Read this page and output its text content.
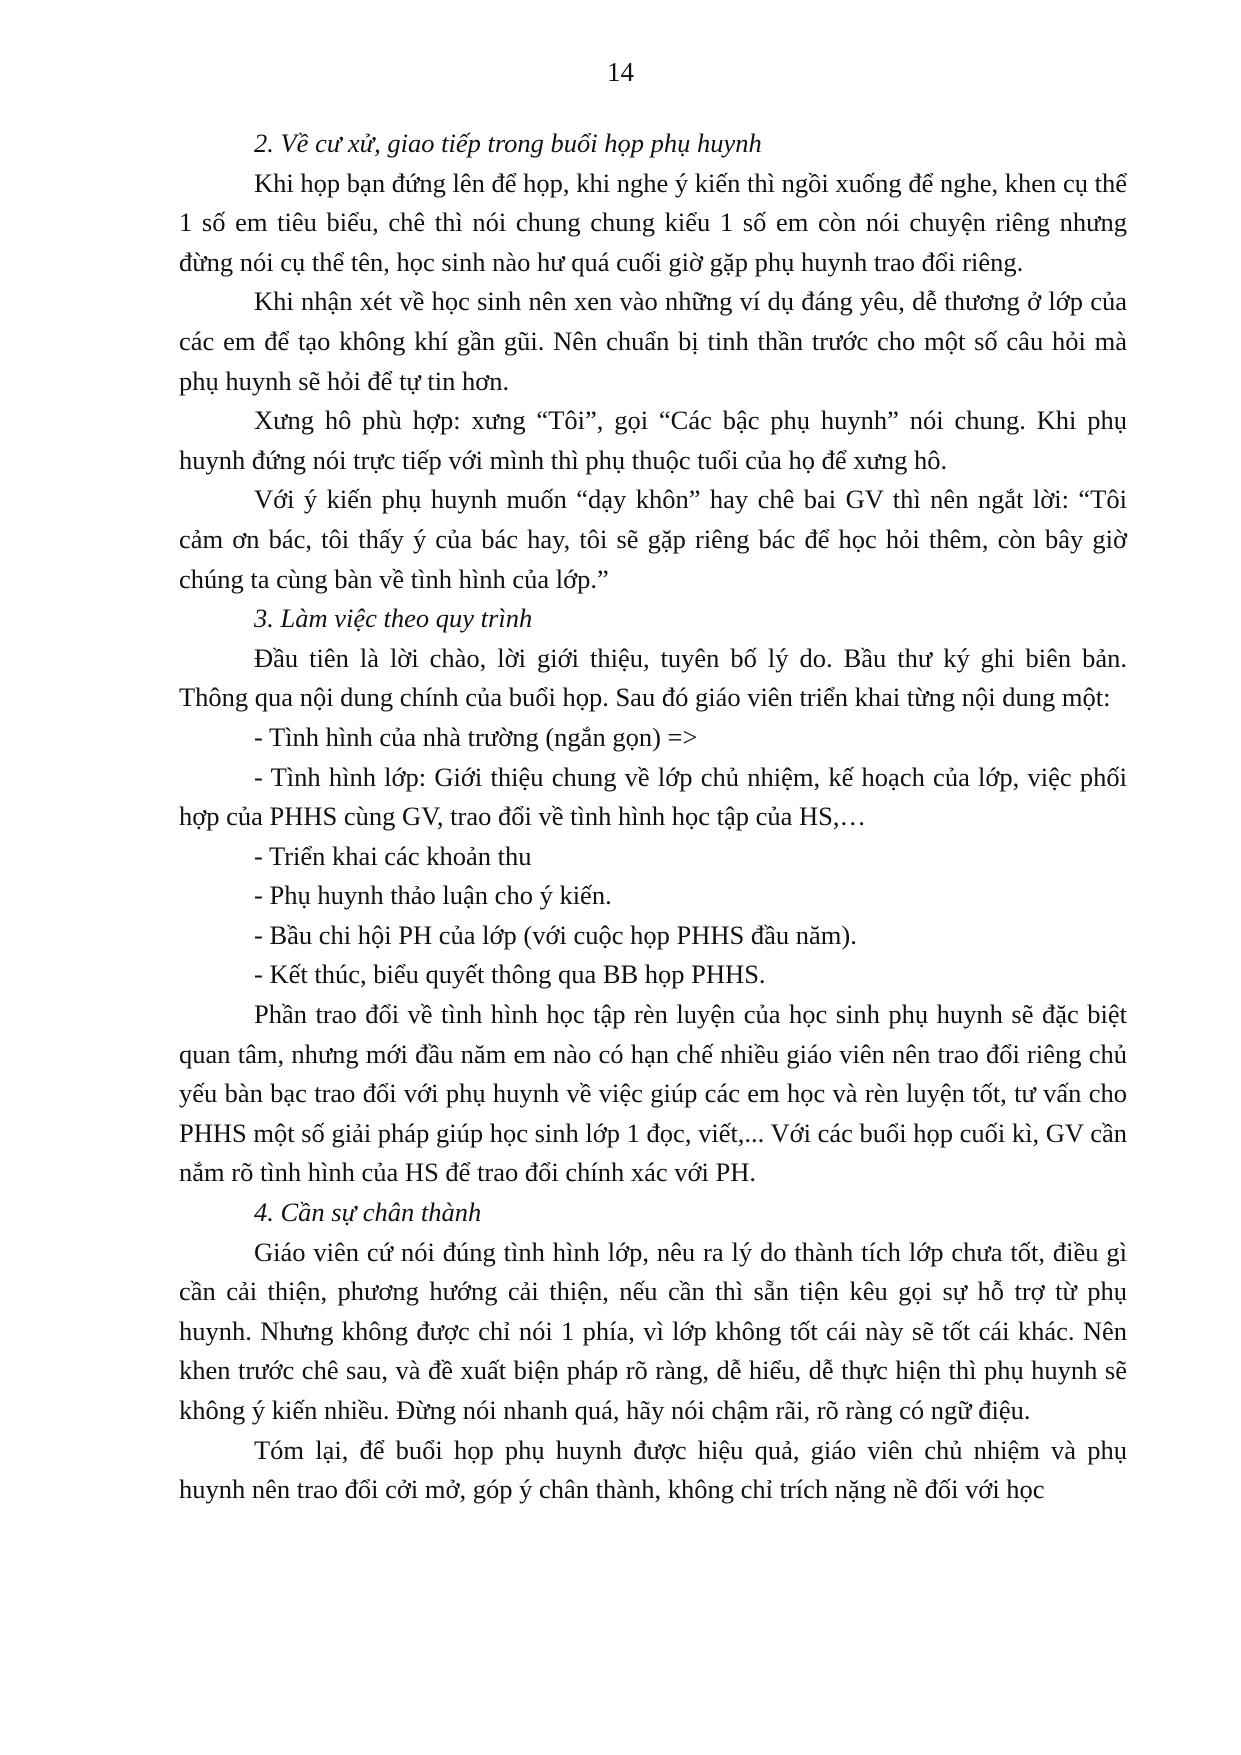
14

2. Về cư xử, giao tiếp trong buổi họp phụ huynh

Khi họp bạn đứng lên để họp, khi nghe ý kiến thì ngồi xuống để nghe, khen cụ thể 1 số em tiêu biểu, chê thì nói chung chung kiểu 1 số em còn nói chuyện riêng nhưng đừng nói cụ thể tên, học sinh nào hư quá cuối giờ gặp phụ huynh trao đổi riêng.

Khi nhận xét về học sinh nên xen vào những ví dụ đáng yêu, dễ thương ở lớp của các em để tạo không khí gần gũi. Nên chuẩn bị tinh thần trước cho một số câu hỏi mà phụ huynh sẽ hỏi để tự tin hơn.

Xưng hô phù hợp: xưng “Tôi”, gọi “Các bậc phụ huynh” nói chung. Khi phụ huynh đứng nói trực tiếp với mình thì phụ thuộc tuổi của họ để xưng hô.

Với ý kiến phụ huynh muốn “dạy khôn” hay chê bai GV thì nên ngắt lời: “Tôi cảm ơn bác, tôi thấy ý của bác hay, tôi sẽ gặp riêng bác để học hỏi thêm, còn bây giờ chúng ta cùng bàn về tình hình của lớp.”

3. Làm việc theo quy trình

Đầu tiên là lời chào, lời giới thiệu, tuyên bố lý do. Bầu thư ký ghi biên bản. Thông qua nội dung chính của buổi họp. Sau đó giáo viên triển khai từng nội dung một:

- Tình hình của nhà trường (ngắn gọn) =>

- Tình hình lớp: Giới thiệu chung về lớp chủ nhiệm, kế hoạch của lớp, việc phối hợp của PHHS cùng GV, trao đổi về tình hình học tập của HS,…

- Triển khai các khoản thu

- Phụ huynh thảo luận cho ý kiến.

- Bầu chi hội PH của lớp (với cuộc họp PHHS đầu năm).

- Kết thúc, biểu quyết thông qua BB họp PHHS.

Phần trao đổi về tình hình học tập rèn luyện của học sinh phụ huynh sẽ đặc biệt quan tâm, nhưng mới đầu năm em nào có hạn chế nhiều giáo viên nên trao đổi riêng chủ yếu bàn bạc trao đổi với phụ huynh về việc giúp các em học và rèn luyện tốt, tư vấn cho PHHS một số giải pháp giúp học sinh lớp 1 đọc, viết,... Với các buổi họp cuối kì, GV cần nắm rõ tình hình của HS để trao đổi chính xác với PH.

4. Cần sự chân thành

Giáo viên cứ nói đúng tình hình lớp, nêu ra lý do thành tích lớp chưa tốt, điều gì cần cải thiện, phương hướng cải thiện, nếu cần thì sẵn tiện kêu gọi sự hỗ trợ từ phụ huynh. Nhưng không được chỉ nói 1 phía, vì lớp không tốt cái này sẽ tốt cái khác. Nên khen trước chê sau, và đề xuất biện pháp rõ ràng, dễ hiểu, dễ thực hiện thì phụ huynh sẽ không ý kiến nhiều. Đừng nói nhanh quá, hãy nói chậm rãi, rõ ràng có ngữ điệu.

Tóm lại, để buổi họp phụ huynh được hiệu quả, giáo viên chủ nhiệm và phụ huynh nên trao đổi cởi mở, góp ý chân thành, không chỉ trích nặng nề đối với học
